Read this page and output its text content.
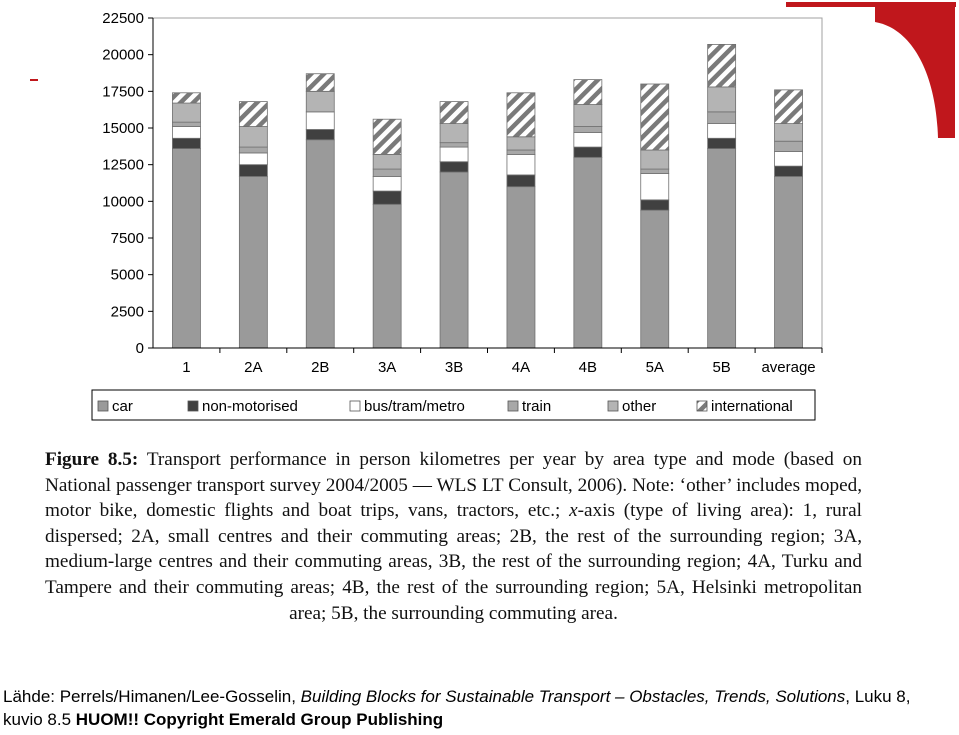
0
2500
5000
7500
10000
12500
15000
17500
20000
22500
1	2A	2B	3A	3B	4A	4B	5A	5B average
car	non-motorised	bus/tram/metro	train	other	international
Figure 8.5: Transport performance in person kilometres per year by area type and mode (based on National passenger transport survey 2004/2005 — WLS LT Consult, 2006). Note: ‘other’ includes moped, motor bike, domestic flights and boat trips, vans, tractors, etc.; x-axis (type of living area): 1, rural dispersed; 2A, small centres and their commuting areas; 2B, the rest of the surrounding region; 3A, medium-large centres and their commuting areas, 3B, the rest of the surrounding region; 4A, Turku and Tampere and their commuting areas; 4B, the rest of the surrounding region; 5A, Helsinki metropolitan area; 5B, the surrounding commuting area.
Lähde: Perrels/Himanen/Lee-Gosselin, Building Blocks for Sustainable Transport – Obstacles, Trends, Solutions, Luku 8, kuvio 8.5 HUOM!! Copyright Emerald Group Publishing
